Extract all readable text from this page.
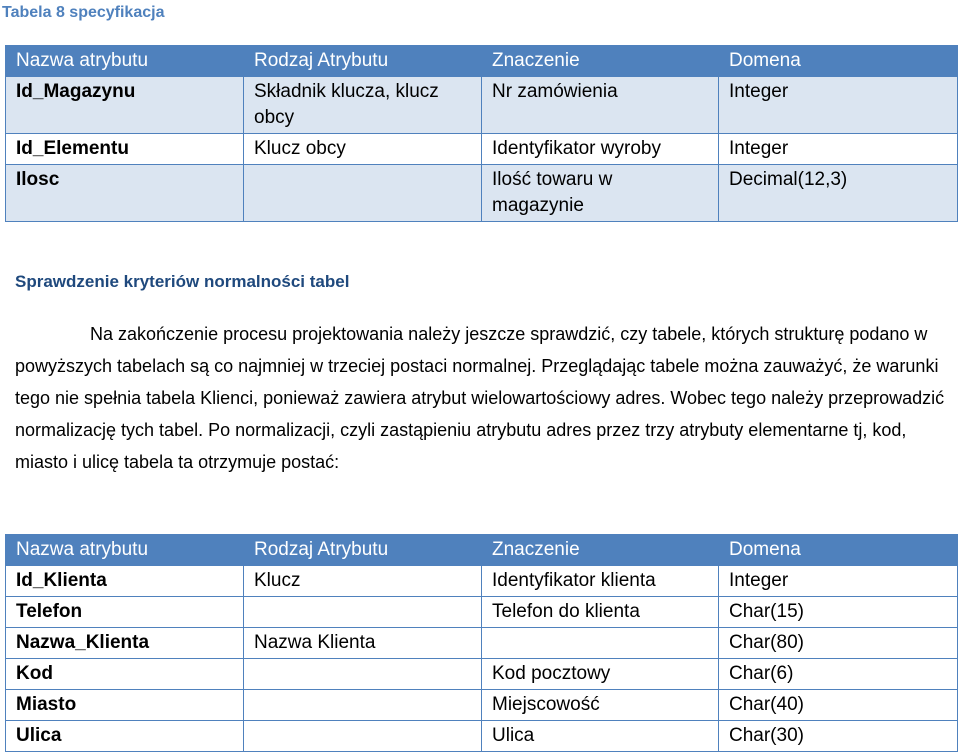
Tabela 8 specyfikacja
Nazwa atrybutu	Rodzaj Atrybutu	Znaczenie	Domena
Id_Magazynu	Składnik klucza, klucz obcy	Nr zamówienia	Integer
Id_Elementu	Klucz obcy	Identyfikator wyroby	Integer
Ilosc		Ilość towaru w magazynie	Decimal(12,3)
Sprawdzenie kryteriów normalności tabel
Na zakończenie procesu projektowania należy jeszcze sprawdzić, czy tabele, których strukturę podano w powyższych tabelach są co najmniej w trzeciej postaci normalnej. Przeglądając tabele można zauważyć, że warunki tego nie spełnia tabela Klienci, ponieważ zawiera atrybut wielowartościowy adres. Wobec tego należy przeprowadzić normalizację tych tabel. Po normalizacji, czyli zastąpieniu atrybutu adres przez trzy atrybuty elementarne tj, kod, miasto i ulicę tabela ta otrzymuje postać:
Nazwa atrybutu	Rodzaj Atrybutu	Znaczenie	Domena
Id_Klienta	Klucz	Identyfikator klienta	Integer
Telefon		Telefon do klienta	Char(15)
Nazwa_Klienta	Nazwa Klienta		Char(80)
Kod		Kod pocztowy	Char(6)
Miasto		Miejscowość	Char(40)
Ulica		Ulica	Char(30)
